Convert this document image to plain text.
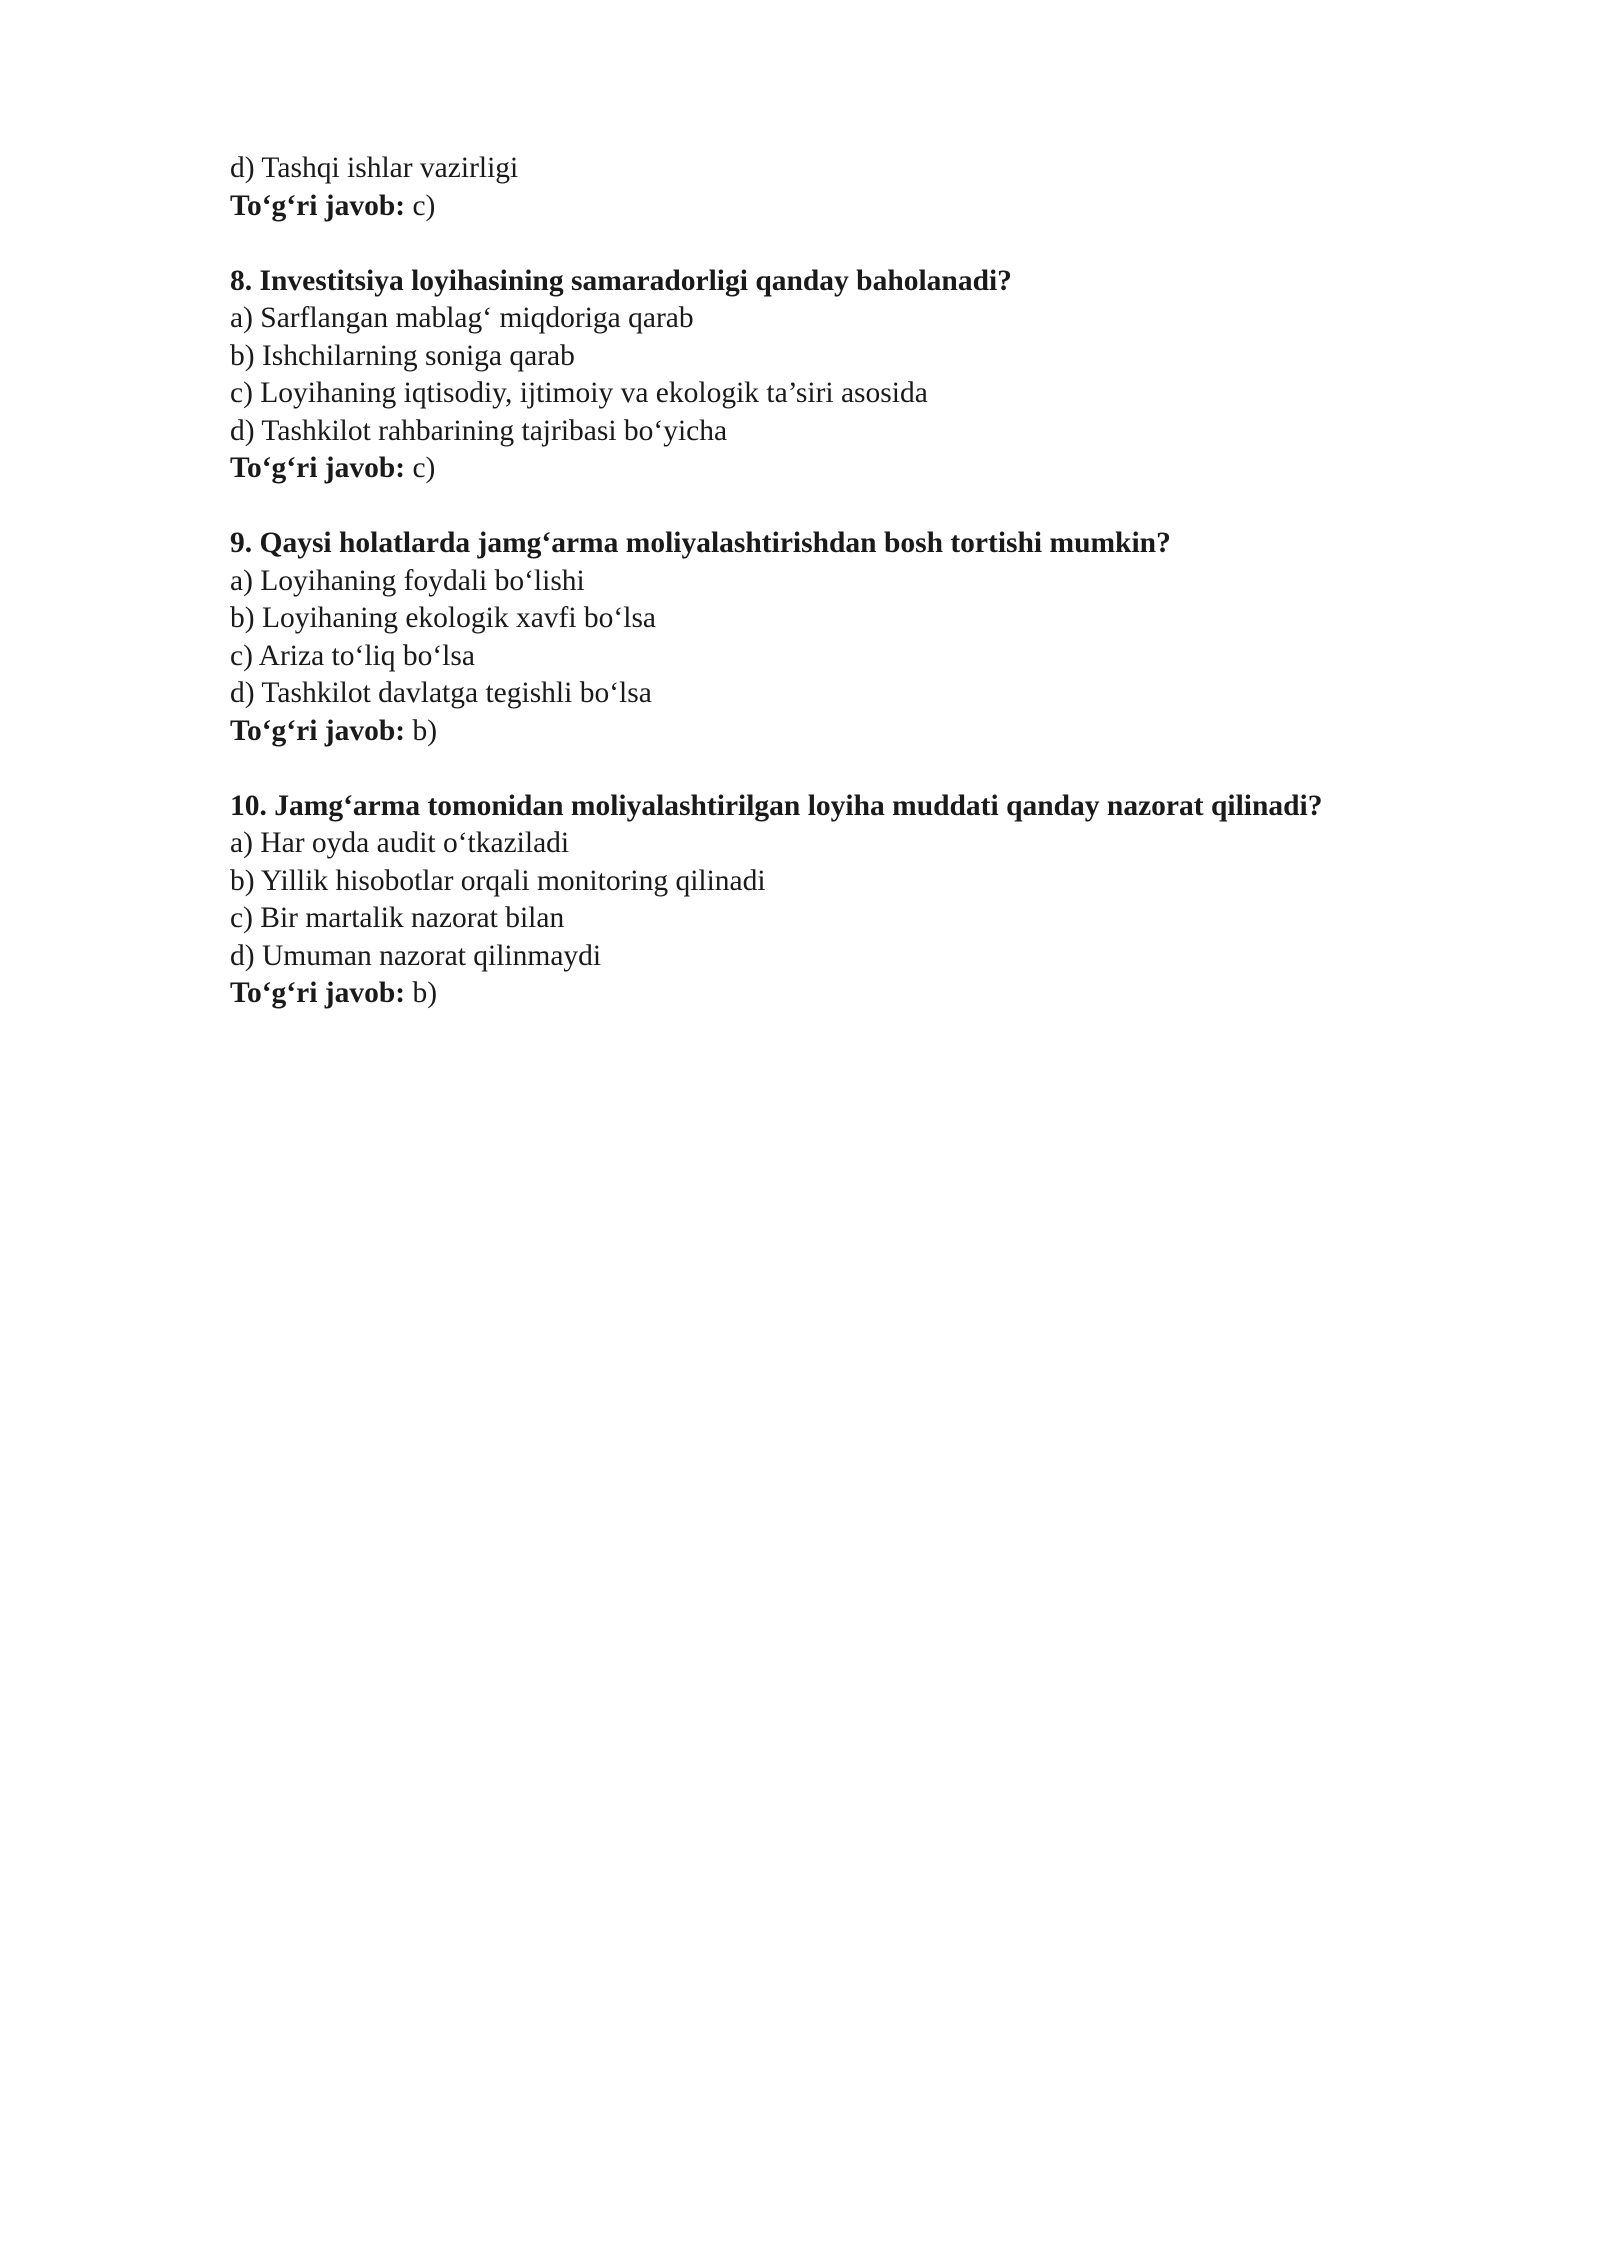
d) Tashqi ishlar vazirligi

To‘g‘ri javob: c)

8. Investitsiya loyihasining samaradorligi qanday baholanadi?

a) Sarflangan mablag‘ miqdoriga qarab

b) Ishchilarning soniga qarab

c) Loyihaning iqtisodiy, ijtimoiy va ekologik ta’siri asosida

d) Tashkilot rahbarining tajribasi bo‘yicha

To‘g‘ri javob: c)

9. Qaysi holatlarda jamg‘arma moliyalashtirishdan bosh tortishi mumkin?

a) Loyihaning foydali bo‘lishi

b) Loyihaning ekologik xavfi bo‘lsa

c) Ariza to‘liq bo‘lsa

d) Tashkilot davlatga tegishli bo‘lsa

To‘g‘ri javob: b)

10. Jamg‘arma tomonidan moliyalashtirilgan loyiha muddati qanday nazorat qilinadi?

a) Har oyda audit o‘tkaziladi

b) Yillik hisobotlar orqali monitoring qilinadi

c) Bir martalik nazorat bilan

d) Umuman nazorat qilinmaydi

To‘g‘ri javob: b)
